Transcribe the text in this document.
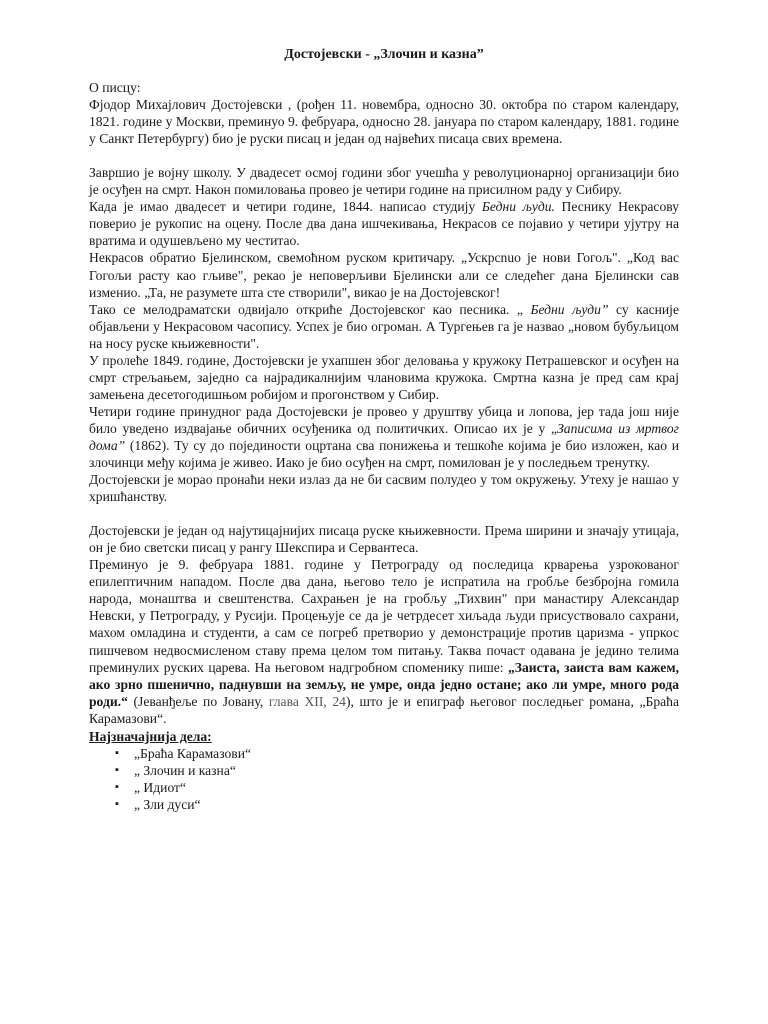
Достојевски - „Злочин и казна”

О писцу:

Фјодор Михајлович Достојевски , (рођен 11. новембра, односно 30. октобра по старом календару, 1821. године у Москви, преминуо 9. фебруара, односно 28. јануара по старом календару, 1881. године у Санкт Петербургу) био је руски писац и један од највећих писаца свих времена.

Завршио је војну школу. У двадесет осмој години због учешћа у револуционарној организацији био је осуђен на смрт. Након помиловања провео је четири године на присилном раду у Сибиру.

Када је имао двадесет и четири године, 1844. написао студију Бедни људи. Песнику Некрасову поверио је рукопис на оцену. После два дана ишчекивања, Некрасов се појавио у четири ујутру на вратима и одушевљено му честитао.

Некрасов обратио Бјелинском, свемоћном руском критичару. „Ускрсnuо је нови Гогољ". „Код вас Гогољи расту као гљиве", рекао је неповерљиви Бјелински али се следећег дана Бјелински сав изменио. „Та, не разумете шта сте створили", викао је на Достојевског!

Тако се мелодраматски одвијало откриће Достојевског као песника. „ Бедни људи” су касније објављени у Некрасовом часопису. Успех је био огроман. А Тургењев га је назвао „новом бубуљицом на носу руске књижевности".

У пролеће 1849. године, Достојевски је ухапшен због деловања у кружоку Петрашевског и осуђен на смрт стрељањем, заједно са најрадикалнијим члановима кружока. Смртна казна је пред сам крај замењена десетогодишњом робијом и прогонством у Сибир.

Четири године принудног рада Достојевски је провео у друштву убица и лопова, јер тада још није било уведено издвајање обичних осуђеника од политичких. Описао их је у „Записима из мртвог дома” (1862). Ту су до појединости оцртана сва понижења и тешкоће којима је био изложен, као и злочинци међу којима је живео. Иако је био осуђен на смрт, помилован је у последњем тренутку.

Достојевски је морао пронаћи неки излаз да не би сасвим полудео у том окружењу. Утеху је нашао у хришћанству.

Достојевски је један од најутицајнијих писаца руске књижевности. Према ширини и значају утицаја, он је био светски писац у рангу Шекспира и Сервантеса.

Преминуо је 9. фебруара 1881. године у Петрограду од последица крварења узрокованог епилептичним нападом. После два дана, његово тело је испратила на гробље безбројна гомила народа, монаштва и свештенства. Сахрањен је на гробљу „Тихвин" при манастиру Александар Невски, у Петрограду, у Русији. Процењује се да је четрдесет хиљада људи присуствовало сахрани, махом омладина и студенти, а сам се погреб претворио у демонстрације против царизма - упркос пишчевом недвосмисленом ставу према целом том питању. Таква почаст одавана је једино телима преминулих руских царева. На његовом надгробном споменику пише: „Заиста, заиста вам кажем, ако зрно пшенично, паднувши на земљу, не умре, онда једно остане; ако ли умре, много рода роди.“ (Јеванђеље по Јовану, глава XII, 24), што је и епиграф његовог последњег романа, „Браћа Карамазови“.

Најзначајнија дела:
▪ „Браћа Карамазови“
▪ „ Злочин и казна“
▪ „ Идиот“
▪ „ Зли дуси“
